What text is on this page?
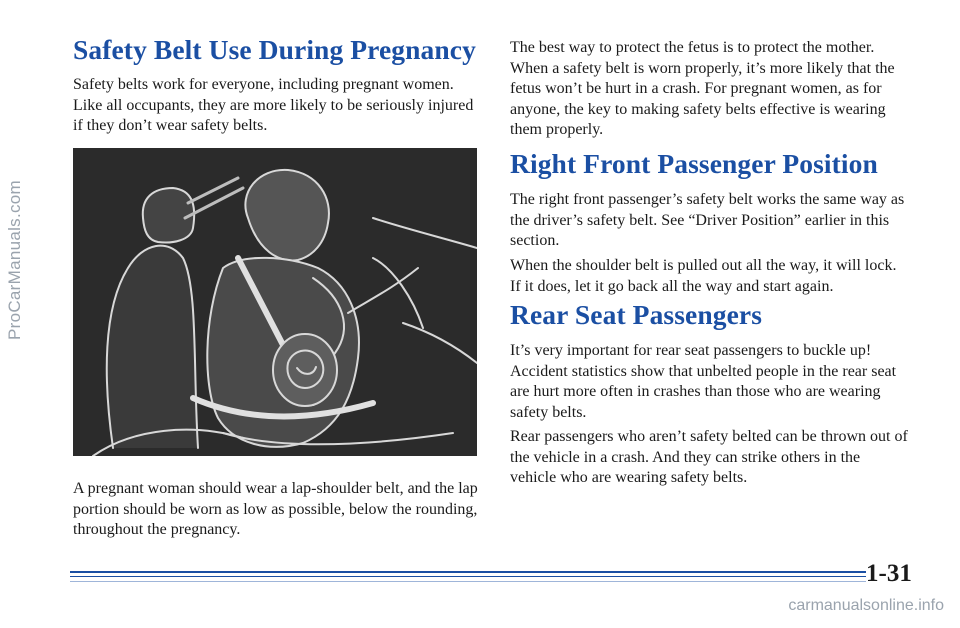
ProCarManuals.com
Safety Belt Use During Pregnancy

Safety belts work for everyone, including pregnant women. Like all occupants, they are more likely to be seriously injured if they don’t wear safety belts.

A pregnant woman should wear a lap-shoulder belt, and the lap portion should be worn as low as possible, below the rounding, throughout the pregnancy.

The best way to protect the fetus is to protect the mother. When a safety belt is worn properly, it’s more likely that the fetus won’t be hurt in a crash. For pregnant women, as for anyone, the key to making safety belts effective is wearing them properly.

Right Front Passenger Position

The right front passenger’s safety belt works the same way as the driver’s safety belt. See “Driver Position” earlier in this section.

When the shoulder belt is pulled out all the way, it will lock. If it does, let it go back all the way and start again.

Rear Seat Passengers

It’s very important for rear seat passengers to buckle up! Accident statistics show that unbelted people in the rear seat are hurt more often in crashes than those who are wearing safety belts.

Rear passengers who aren’t safety belted can be thrown out of the vehicle in a crash. And they can strike others in the vehicle who are wearing safety belts.

1-31
carmanualsonline.info
